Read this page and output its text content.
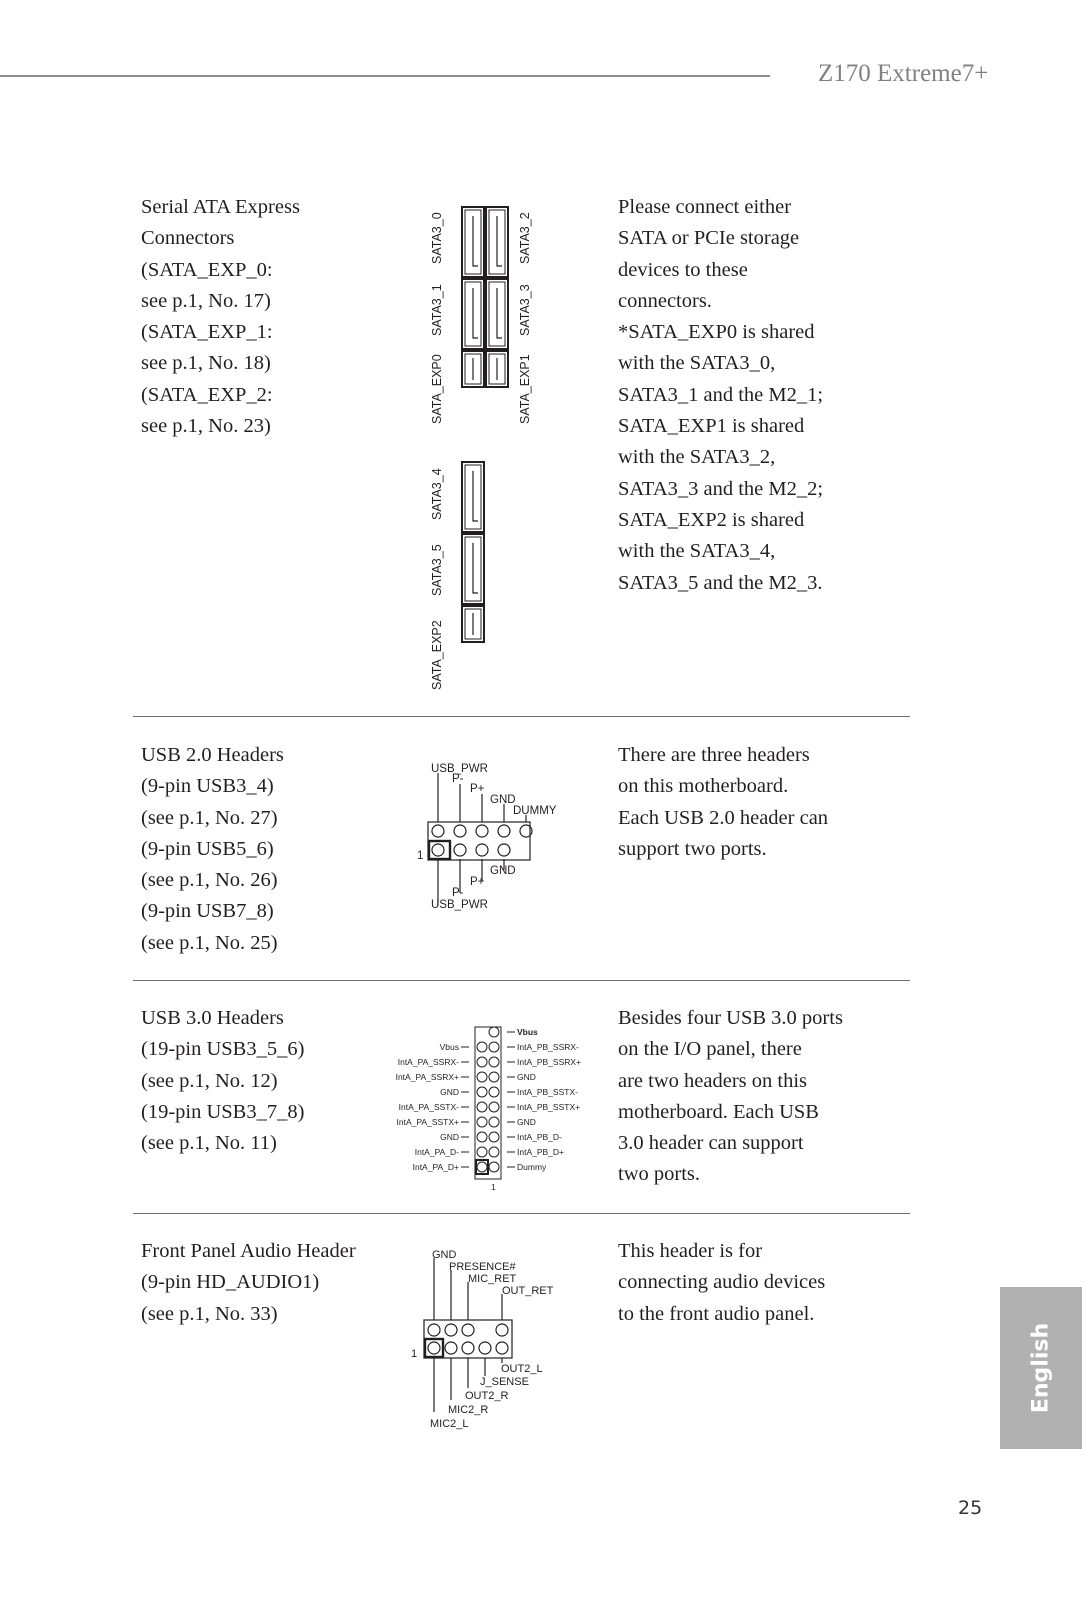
Z170 Extreme7+
Serial ATA Express
Connectors
(SATA_EXP_0:
see p.1, No. 17)
(SATA_EXP_1:
see p.1, No. 18)
(SATA_EXP_2:
see p.1, No. 23)
Please connect either
SATA or PCIe storage
devices to these
connectors.
*SATA_EXP0 is shared
with the SATA3_0,
SATA3_1 and the M2_1;
SATA_EXP1 is shared
with the SATA3_2,
SATA3_3 and the M2_2;
SATA_EXP2 is shared
with the SATA3_4,
SATA3_5 and the M2_3.
SATA3_0
SATA3_1
SATA_EXP0
SATA3_2
SATA3_3
SATA_EXP1
SATA3_4
SATA3_5
SATA_EXP2
USB 2.0 Headers
(9-pin USB3_4)
(see p.1, No. 27)
(9-pin USB5_6)
(see p.1, No. 26)
(9-pin USB7_8)
(see p.1, No. 25)
There are three headers
on this motherboard.
Each USB 2.0 header can
support two ports.
USB_PWR
P-
P+
GND
DUMMY
1
GND
P+
P-
USB_PWR
USB 3.0 Headers
(19-pin USB3_5_6)
(see p.1, No. 12)
(19-pin USB3_7_8)
(see p.1, No. 11)
Besides four USB 3.0 ports
on the I/O panel, there
are two headers on this
motherboard. Each USB
3.0 header can support
two ports.
Vbus
IntA_PA_SSRX-
IntA_PA_SSRX+
GND
IntA_PA_SSTX-
IntA_PA_SSTX+
GND
IntA_PA_D-
IntA_PA_D+
Vbus
IntA_PB_SSRX-
IntA_PB_SSRX+
GND
IntA_PB_SSTX-
IntA_PB_SSTX+
GND
IntA_PB_D-
IntA_PB_D+
Dummy
1
Front Panel Audio Header
(9-pin HD_AUDIO1)
(see p.1, No. 33)
This header is for
connecting audio devices
to the front audio panel.
GND
PRESENCE#
MIC_RET
OUT_RET
1
OUT2_L
J_SENSE
OUT2_R
MIC2_R
MIC2_L
English
25
